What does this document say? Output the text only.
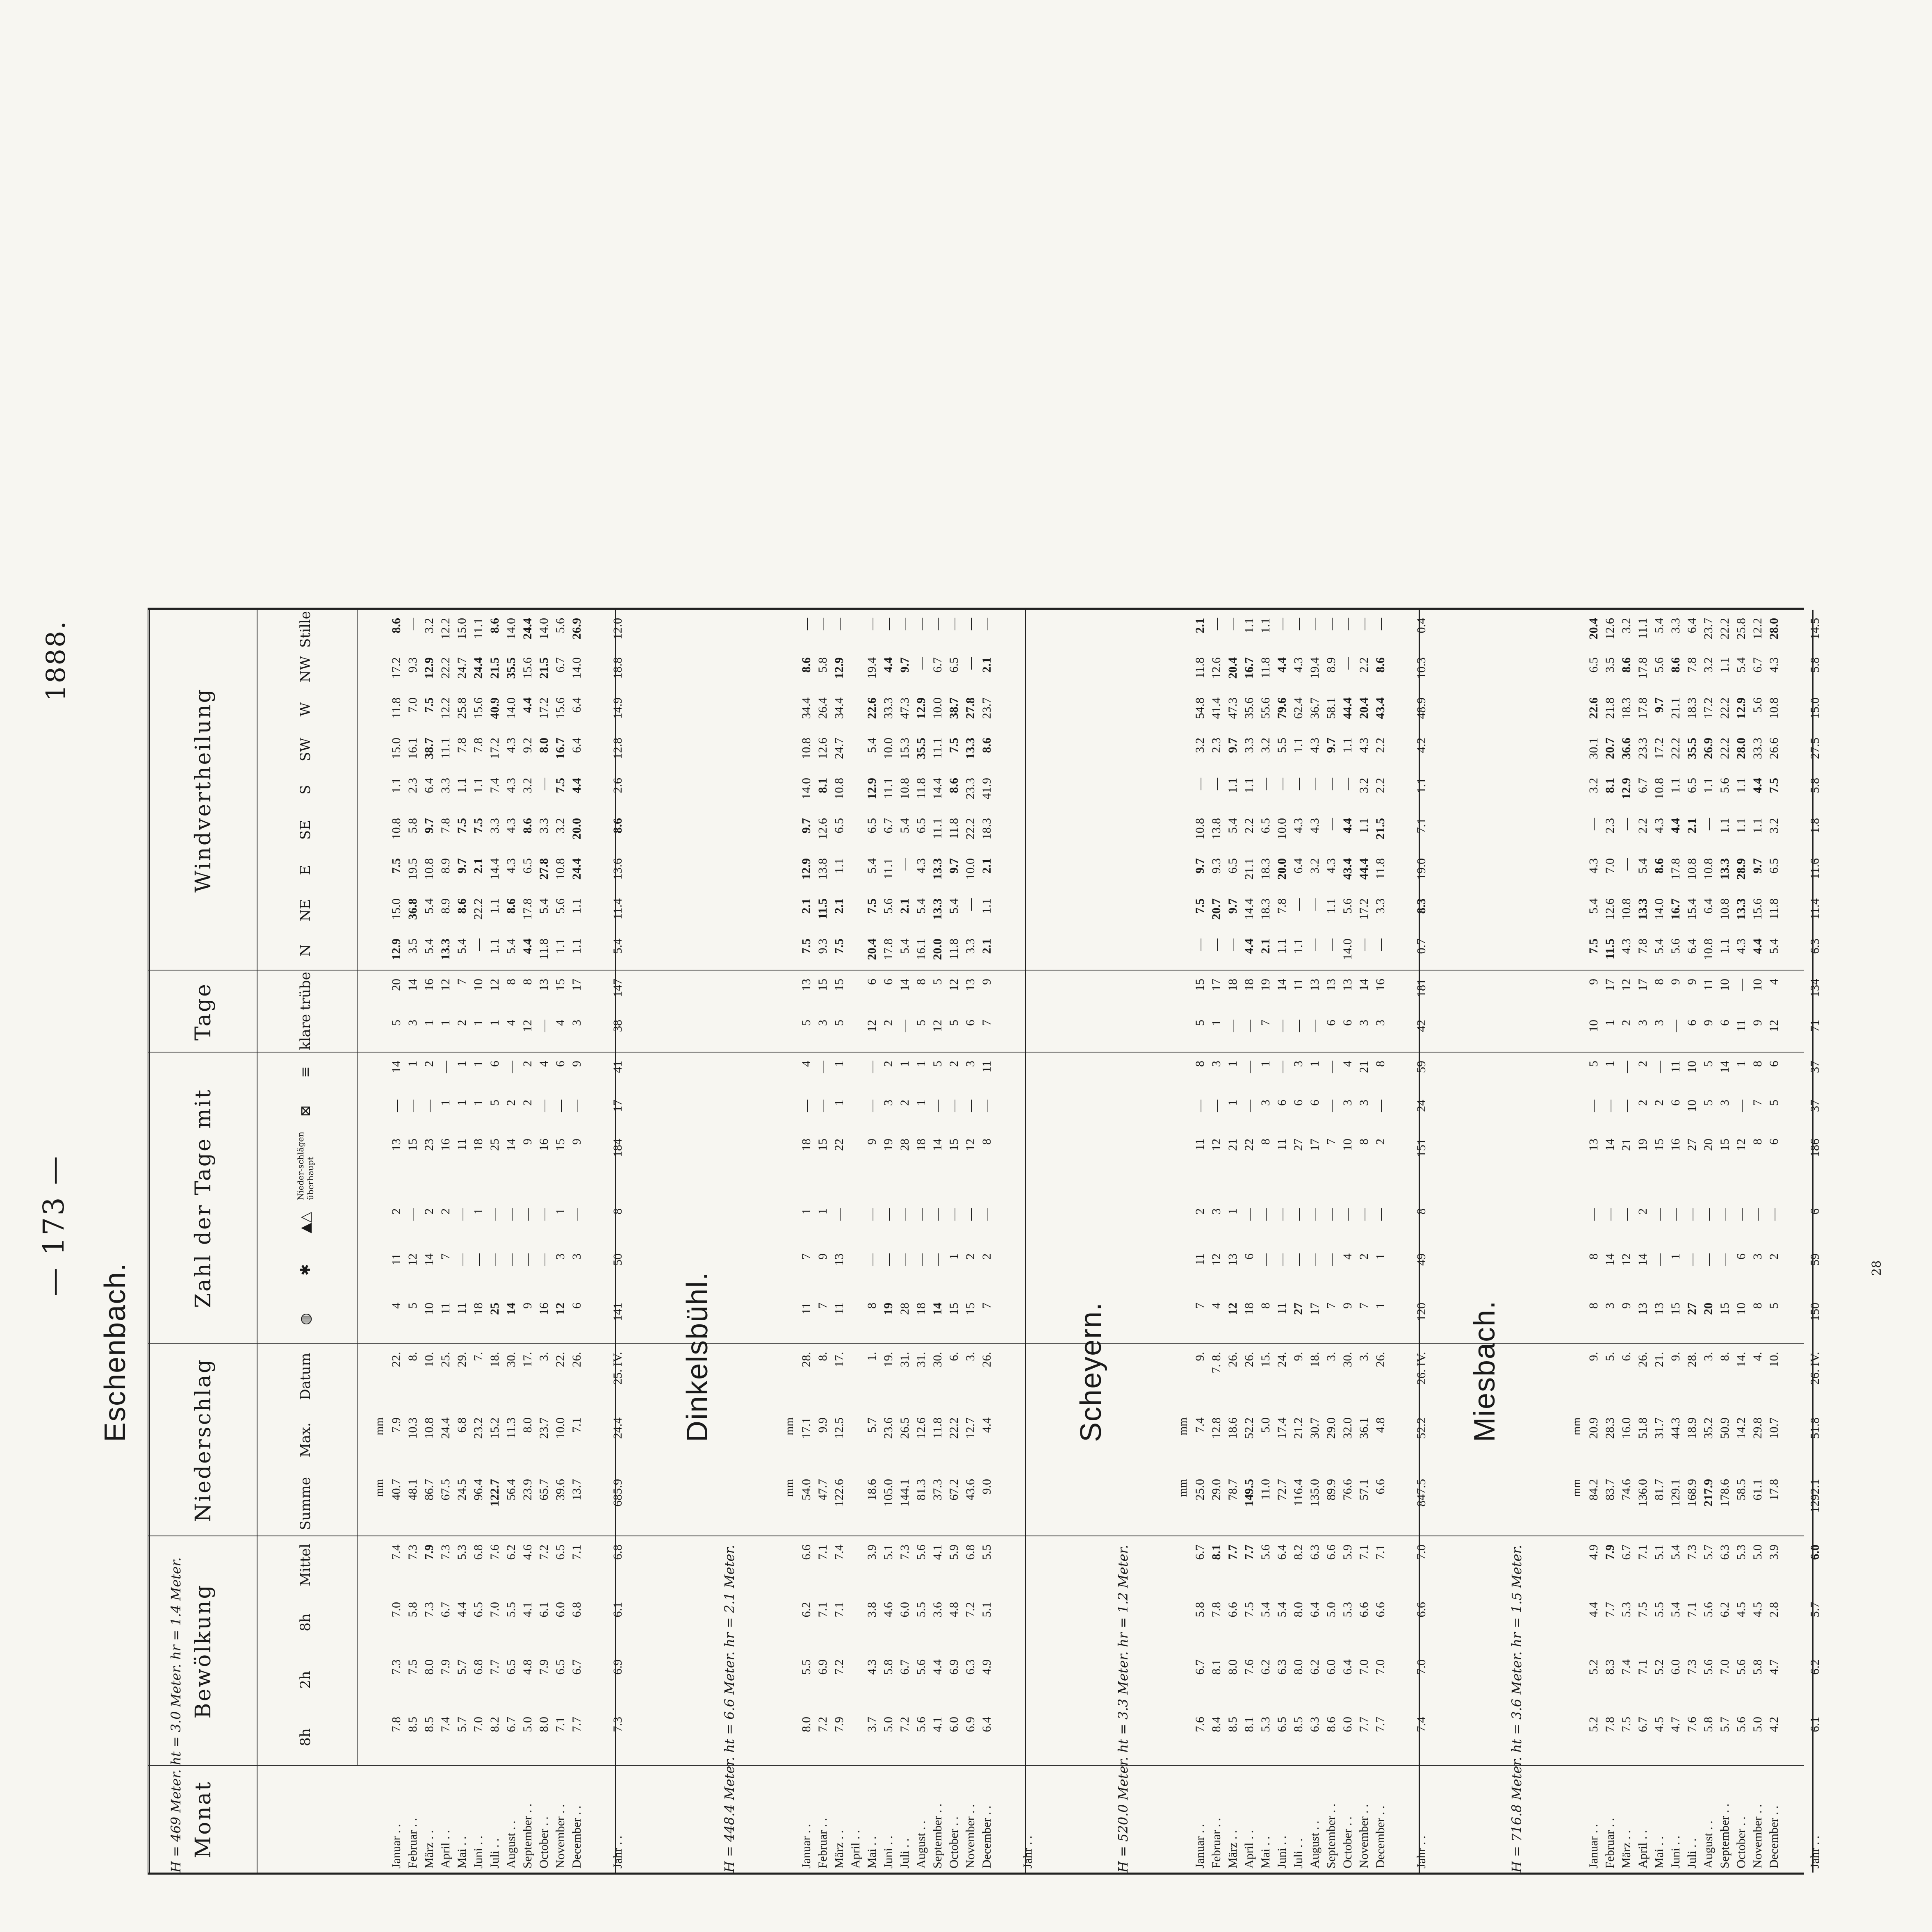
— 173 —
1888.
Monat
Bewölkung
Niederschlag
Zahl der Tage mit
Tage
Windvertheilung
8h
2h
8h
Mittel
Summe
Max.
Datum
◍
✱
▲△
Nieder-schlägen überhaupt
⊠
≡
klare
trübe
N
NE
E
SE
S
SW
W
NW
Stille
H = 469 Meter. ht = 3.0 Meter. hr = 1.4 Meter.
Eschenbach.
mm
mm
Januar . .
7.8
7.3
7.0
7.4
40.7
7.9
22.
4
11
2
13
—
14
5
20
12.9
15.0
7.5
10.8
1.1
15.0
11.8
17.2
8.6
Februar . .
8.5
7.5
5.8
7.3
48.1
10.3
8.
5
12
—
15
—
1
3
14
3.5
36.8
19.5
5.8
2.3
16.1
7.0
9.3
—
März . .
8.5
8.0
7.3
7.9
86.7
10.8
10.
10
14
2
23
—
2
1
16
5.4
5.4
10.8
9.7
6.4
38.7
7.5
12.9
3.2
April . .
7.4
7.9
6.7
7.3
67.5
24.4
25.
11
7
2
16
1
—
1
12
13.3
8.9
8.9
7.8
3.3
11.1
12.2
22.2
12.2
Mai . .
5.7
5.7
4.4
5.3
24.5
6.8
29.
11
—
—
11
1
1
2
7
5.4
8.6
9.7
7.5
1.1
7.8
25.8
24.7
15.0
Juni . .
7.0
6.8
6.5
6.8
96.4
23.2
7.
18
—
1
18
1
1
1
10
—
22.2
2.1
7.5
1.1
7.8
15.6
24.4
11.1
Juli . .
8.2
7.7
7.0
7.6
122.7
15.2
18.
25
—
—
25
5
6
1
12
1.1
1.1
14.4
3.3
7.4
17.2
40.9
21.5
8.6
August . .
6.7
6.5
5.5
6.2
56.4
11.3
30.
14
—
—
14
2
—
4
8
5.4
8.6
4.3
4.3
4.3
4.3
14.0
35.5
14.0
September . .
5.0
4.8
4.1
4.6
23.9
8.0
17.
9
—
—
9
2
2
12
8
4.4
17.8
6.5
8.6
3.2
9.2
4.4
15.6
24.4
October . .
8.0
7.9
6.1
7.2
65.7
23.7
3.
16
—
—
16
—
4
—
13
11.8
5.4
27.8
3.3
—
8.0
17.2
21.5
14.0
November . .
7.1
6.5
6.0
6.5
39.6
10.0
22.
12
3
1
15
—
6
4
15
1.1
5.6
10.8
3.2
7.5
16.7
15.6
6.7
5.6
December . .
7.7
6.7
6.8
7.1
13.7
7.1
26.
6
3
—
9
—
9
3
17
1.1
1.1
24.4
20.0
4.4
6.4
6.4
14.0
26.9
Jahr . .
7.3
6.9
6.1
6.8
685.9
24.4
25. IV.
141
50
8
184
17
41
38
147
5.4
11.4
13.6
8.6
2.6
12.8
14.9
18.8
12.0
H = 448.4 Meter. ht = 6.6 Meter. hr = 2.1 Meter.
Dinkelsbühl.
mm
mm
Januar . .
8.0
5.5
6.2
6.6
54.0
17.1
28.
11
7
1
18
—
4
5
13
7.5
2.1
12.9
9.7
14.0
10.8
34.4
8.6
—
Februar . .
7.2
6.9
7.1
7.1
47.7
9.9
8.
7
9
1
15
—
—
3
15
9.3
11.5
13.8
12.6
8.1
12.6
26.4
5.8
—
März . .
7.9
7.2
7.1
7.4
122.6
12.5
17.
11
13
—
22
1
1
5
15
7.5
2.1
1.1
6.5
10.8
24.7
34.4
12.9
—
April . . Mai . .
3.7
4.3
3.8
3.9
18.6
5.7
1.
8
—
—
9
—
—
12
6
20.4
7.5
5.4
6.5
12.9
5.4
22.6
19.4
—
Juni . .
5.0
5.8
4.6
5.1
105.0
23.6
19.
19
—
—
19
3
2
2
6
17.8
5.6
11.1
6.7
11.1
10.0
33.3
4.4
—
Juli . .
7.2
6.7
6.0
7.3
144.1
26.5
31.
28
—
—
28
2
1
—
14
5.4
2.1
—
5.4
10.8
15.3
47.3
9.7
—
August . .
5.6
5.6
5.5
5.6
81.3
12.6
31.
18
—
—
18
1
1
5
8
16.1
5.4
4.3
6.5
11.8
35.5
12.9
—
—
September . .
4.1
4.4
3.6
4.1
37.3
11.8
30.
14
—
—
14
—
5
12
5
20.0
13.3
13.3
11.1
14.4
11.1
10.0
6.7
—
October . .
6.0
6.9
4.8
5.9
67.2
22.2
6.
15
1
—
15
—
2
5
12
11.8
5.4
9.7
11.8
8.6
7.5
38.7
6.5
—
November . .
6.9
6.3
7.2
6.8
43.6
12.7
3.
15
2
—
12
—
3
6
13
3.3
—
10.0
22.2
23.3
13.3
27.8
—
—
December . .
6.4
4.9
5.1
5.5
9.0
4.4
26.
7
2
—
8
—
11
7
9
2.1
1.1
2.1
18.3
41.9
8.6
23.7
2.1
—
Jahr . .	H = 520.0 Meter. ht = 3.3 Meter. hr = 1.2 Meter.
Scheyern.
mm
mm
Januar . .
7.6
6.7
5.8
6.7
25.0
7.4
9.
7
11
2
11
—
8
5
15
—
7.5
9.7
10.8
—
3.2
54.8
11.8
2.1
Februar . .
8.4
8.1
7.8
8.1
29.0
12.8
7. 8.
4
12
3
12
—
3
1
17
—
20.7
9.3
13.8
—
2.3
41.4
12.6
—
März . .
8.5
8.0
6.6
7.7
78.7
18.6
26.
12
13
1
21
1
1
—
18
—
9.7
6.5
5.4
1.1
9.7
47.3
20.4
—
April . .
8.1
7.6
7.5
7.7
149.5
52.2
26.
18
6
—
22
—
—
—
18
4.4
14.4
21.1
2.2
1.1
3.3
35.6
16.7
1.1
Mai . .
5.3
6.2
5.4
5.6
11.0
5.0
15.
8
—
—
8
3
1
7
19
2.1
18.3
18.3
6.5
—
3.2
55.6
11.8
1.1
Juni . .
6.5
6.3
5.4
6.4
72.7
17.4
24.
11
—
—
11
6
—
—
14
1.1
7.8
20.0
10.0
—
5.5
79.6
4.4
—
Juli . .
8.5
8.0
8.0
8.2
116.4
21.2
9.
27
—
—
27
6
3
—
11
1.1
—
6.4
4.3
—
1.1
62.4
4.3
—
August . .
6.3
6.2
6.4
6.3
135.0
30.7
18.
17
—
—
17
6
1
—
13
—
—
3.2
4.3
—
4.3
36.7
19.4
—
September . .
8.6
6.0
5.0
6.6
89.9
29.0
3.
7
—
—
7
—
—
6
13
—
1.1
4.3
—
—
9.7
58.1
8.9
—
October . .
6.0
6.4
5.3
5.9
76.6
32.0
30.
9
4
—
10
3
4
6
13
14.0
5.6
43.4
4.4
—
1.1
44.4
—
—
November . .
7.7
7.0
6.6
7.1
57.1
36.1
3.
7
2
—
8
3
21
3
14
—
17.2
44.4
1.1
3.2
4.3
20.4
2.2
—
December . .
7.7
7.0
6.6
7.1
6.6
4.8
26.
1
1
—
2
—
8
3
16
—
3.3
11.8
21.5
2.2
2.2
43.4
8.6
—
Jahr . .
7.4
7.0
6.6
7.0
847.5
52.2
26. IV.
120
49
8
151
24
59
42
181
0.7
8.3
19.0
7.1
1.1
4.2
48.9
10.3
0.4
H = 716.8 Meter. ht = 3.6 Meter. hr = 1.5 Meter.
Miesbach.
mm
mm
Januar . .
5.2
5.2
4.4
4.9
84.2
20.9
9.
8
8
—
13
—
5
10
9
7.5
5.4
4.3
—
3.2
30.1
22.6
6.5
20.4
Februar . .
7.8
8.3
7.7
7.9
83.7
28.3
5.
3
14
—
14
—
1
1
17
11.5
12.6
7.0
2.3
8.1
20.7
21.8
3.5
12.6
März . .
7.5
7.4
5.3
6.7
74.6
16.0
6.
9
12
—
21
—
—
2
12
4.3
10.8
—
—
12.9
36.6
18.3
8.6
3.2
April . .
6.7
7.1
7.5
7.1
136.0
51.8
26.
13
14
2
19
2
2
3
17
7.8
13.3
5.4
2.2
6.7
23.3
17.8
17.8
11.1
Mai . .
4.5
5.2
5.5
5.1
81.7
31.7
21.
13
—
—
15
2
—
3
8
5.4
14.0
8.6
4.3
10.8
17.2
9.7
5.6
5.4
Juni . .
4.7
6.0
5.4
5.4
129.1
44.3
9.
15
1
—
16
6
11
—
9
5.6
16.7
17.8
4.4
1.1
22.2
21.1
8.6
3.3
Juli . .
7.6
7.3
7.1
7.3
168.9
18.9
28.
27
—
—
27
10
10
6
9
6.4
15.4
10.8
2.1
6.5
35.5
18.3
7.8
6.4
August . .
5.8
5.6
5.6
5.7
217.9
35.2
3.
20
—
—
20
5
5
9
11
10.8
6.4
10.8
—
1.1
26.9
17.2
3.2
23.7
September . .
5.7
7.0
6.2
6.3
178.6
50.9
8.
15
—
—
15
3
14
6
10
1.1
10.8
13.3
1.1
5.6
22.2
22.2
1.1
22.2
October . .
5.6
5.6
4.5
5.3
58.5
14.2
14.
10
6
—
12
—
1
11
—
4.3
13.3
28.9
1.1
1.1
28.0
12.9
5.4
25.8
November . .
5.0
5.8
4.5
5.0
61.1
29.8
4.
8
3
—
8
7
8
9
10
4.4
15.6
9.7
1.1
4.4
33.3
5.6
6.7
12.2
December . .
4.2
4.7
2.8
3.9
17.8
10.7
10.
5
2
—
6
5
6
12
4
5.4
11.8
6.5
3.2
7.5
26.6
10.8
4.3
28.0
Jahr . .
6.1
6.2
5.7
6.0
1292.1
51.8
26. IV.
150
59
6
186
37
37
71
134
6.3
11.4
11.6
1.8
5.8
27.5
15.0
5.8
14.5
28
